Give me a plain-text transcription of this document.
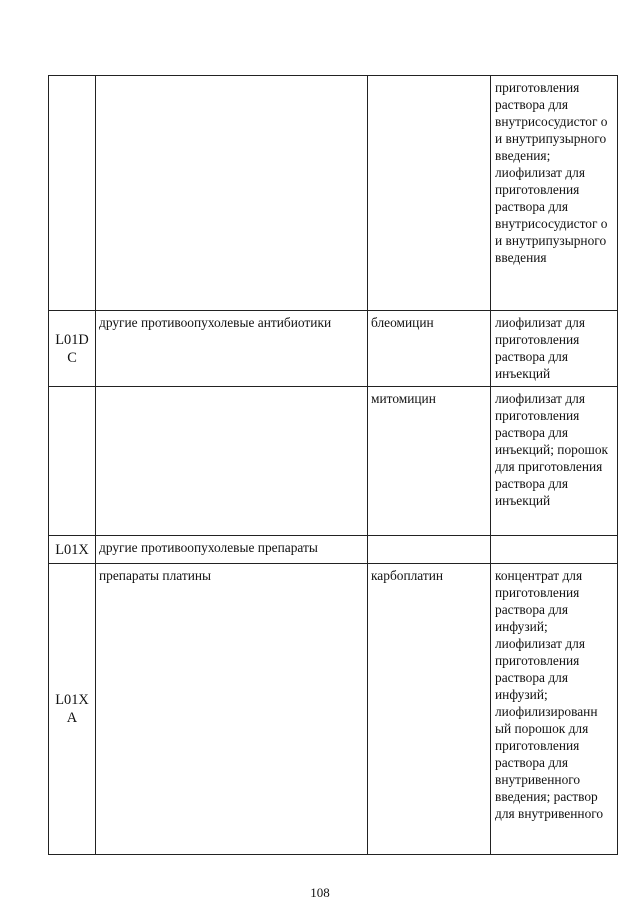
			приготовления раствора для внутрисосудистог о и внутрипузырного введения; лиофилизат для приготовления раствора для внутрисосудистог о и внутрипузырного введения
L01D C	другие противоопухолевые антибиотики	блеомицин	лиофилизат для приготовления раствора для инъекций
		митомицин	лиофилизат для приготовления раствора для инъекций; порошок для приготовления раствора для инъекций
L01X	другие противоопухолевые препараты		
L01X A	препараты платины	карбоплатин	концентрат для приготовления раствора для инфузий; лиофилизат для приготовления раствора для инфузий; лиофилизированн ый порошок для приготовления раствора для внутривенного введения; раствор для внутривенного
108
